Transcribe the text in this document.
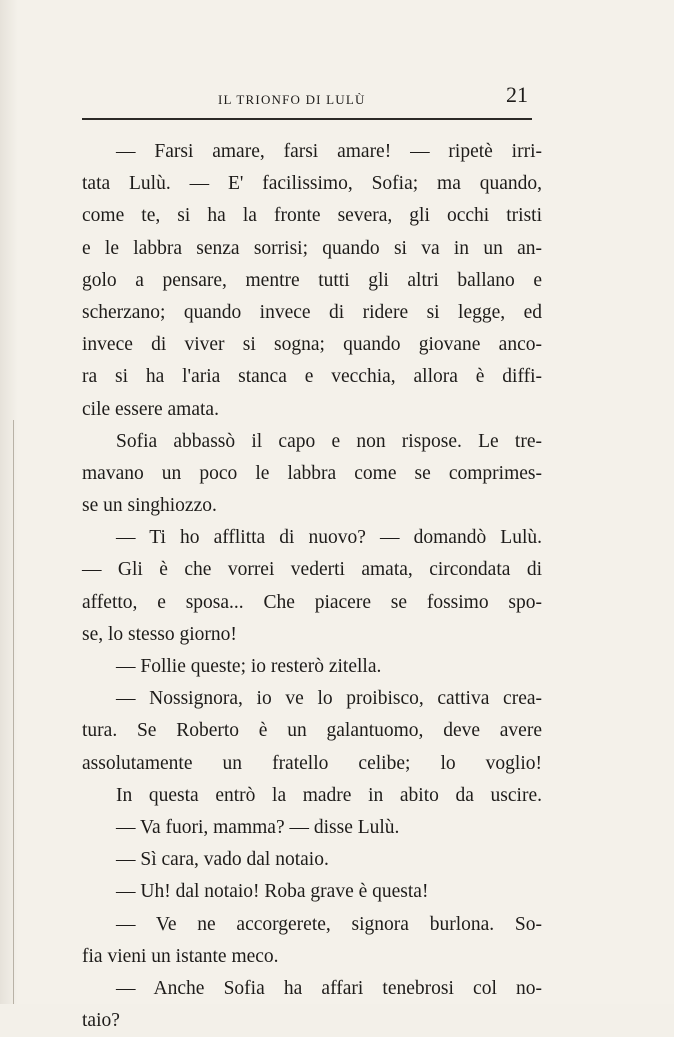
IL TRIONFO DI LULÙ	21
— Farsi amare, farsi amare! — ripetè irri-
tata Lulù. — E' facilissimo, Sofia; ma quando,
come te, si ha la fronte severa, gli occhi tristi
e le labbra senza sorrisi; quando si va in un an-
golo a pensare, mentre tutti gli altri ballano e
scherzano; quando invece di ridere si legge, ed
invece di viver si sogna; quando giovane anco-
ra si ha l'aria stanca e vecchia, allora è diffi-
cile essere amata.
Sofia abbassò il capo e non rispose. Le tre-
mavano un poco le labbra come se comprimes-
se un singhiozzo.
— Ti ho afflitta di nuovo? — domandò Lulù.
— Gli è che vorrei vederti amata, circondata di
affetto, e sposa... Che piacere se fossimo spo-
se, lo stesso giorno!
— Follie queste; io resterò zitella.
— Nossignora, io ve lo proibisco, cattiva crea-
tura. Se Roberto è un galantuomo, deve avere
assolutamente un fratello celibe; lo voglio!
In questa entrò la madre in abito da uscire.
— Va fuori, mamma? — disse Lulù.
— Sì cara, vado dal notaio.
— Uh! dal notaio! Roba grave è questa!
— Ve ne accorgerete, signora burlona. So-
fia vieni un istante meco.
— Anche Sofia ha affari tenebrosi col no-
taio?
